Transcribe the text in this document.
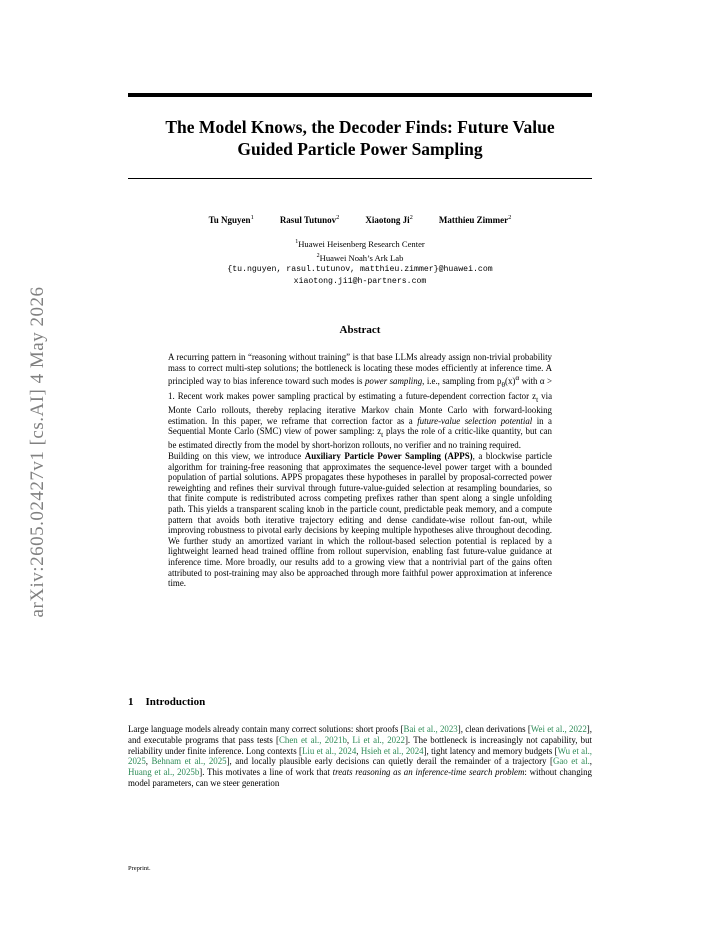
arXiv:2605.02427v1 [cs.AI] 4 May 2026
The Model Knows, the Decoder Finds: Future Value
Guided Particle Power Sampling
Tu Nguyen$^1$	Rasul Tutunov$^2$	Xiaotong Ji$^2$	Matthieu Zimmer$^2$
$^1$Huawei Heisenberg Research Center
$^2$Huawei Noah’s Ark Lab
{tu.nguyen, rasul.tutunov, matthieu.zimmer}@huawei.com
xiaotong.ji1@h-partners.com
Abstract

A recurring pattern in “reasoning without training” is that base LLMs already assign non-trivial probability mass to correct multi-step solutions; the bottleneck is locating these modes efficiently at inference time. A principled way to bias inference toward such modes is power sampling, i.e., sampling from $p_\theta(x)^\alpha$ with α > 1. Recent work makes power sampling practical by estimating a future-dependent correction factor $z_t$ via Monte Carlo rollouts, thereby replacing iterative Markov chain Monte Carlo with forward-looking estimation. In this paper, we reframe that correction factor as a future-value selection potential in a Sequential Monte Carlo (SMC) view of power sampling: $z_t$ plays the role of a critic-like quantity, but can be estimated directly from the model by short-horizon rollouts, no verifier and no training required.

Building on this view, we introduce Auxiliary Particle Power Sampling (APPS), a blockwise particle algorithm for training-free reasoning that approximates the sequence-level power target with a bounded population of partial solutions. APPS propagates these hypotheses in parallel by proposal-corrected power reweighting and refines their survival through future-value-guided selection at resampling boundaries, so that finite compute is redistributed across competing prefixes rather than spent along a single unfolding path. This yields a transparent scaling knob in the particle count, predictable peak memory, and a compute pattern that avoids both iterative trajectory editing and dense candidate-wise rollout fan-out, while improving robustness to pivotal early decisions by keeping multiple hypotheses alive throughout decoding. We further study an amortized variant in which the rollout-based selection potential is replaced by a lightweight learned head trained offline from rollout supervision, enabling fast future-value guidance at inference time. More broadly, our results add to a growing view that a nontrivial part of the gains often attributed to post-training may also be approached through more faithful power approximation at inference time.

1 Introduction

Large language models already contain many correct solutions: short proofs [Bai et al., 2023], clean derivations [Wei et al., 2022], and executable programs that pass tests [Chen et al., 2021b, Li et al., 2022]. The bottleneck is increasingly not capability, but reliability under finite inference. Long contexts [Liu et al., 2024, Hsieh et al., 2024], tight latency and memory budgets [Wu et al., 2025, Behnam et al., 2025], and locally plausible early decisions can quietly derail the remainder of a trajectory [Gao et al., Huang et al., 2025b]. This motivates a line of work that treats reasoning as an inference-time search problem: without changing model parameters, can we steer generation

Preprint.
